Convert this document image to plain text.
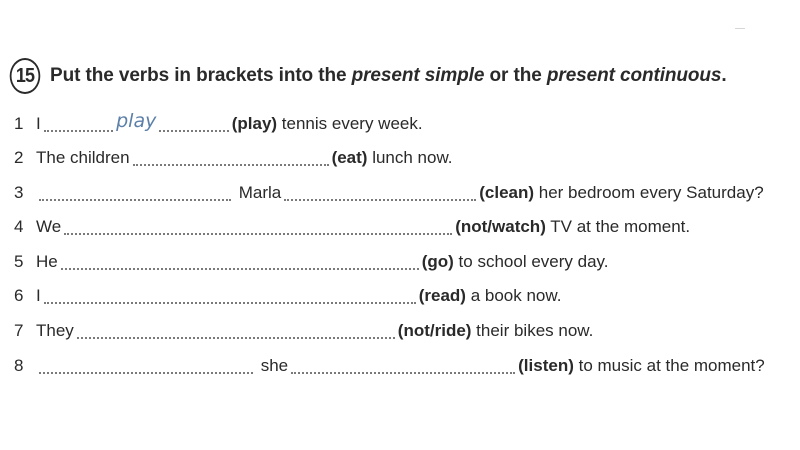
15 Put the verbs in brackets into the present simple or the present continuous.
1 I	play	(play) tennis every week.
2 The children	(eat) lunch now.
3	Marla	(clean) her bedroom every Saturday?
4 We	(not/watch) TV at the moment.
5 He	(go) to school every day.
6 I	(read) a book now.
7 They	(not/ride) their bikes now.
8	she	(listen) to music at the moment?
